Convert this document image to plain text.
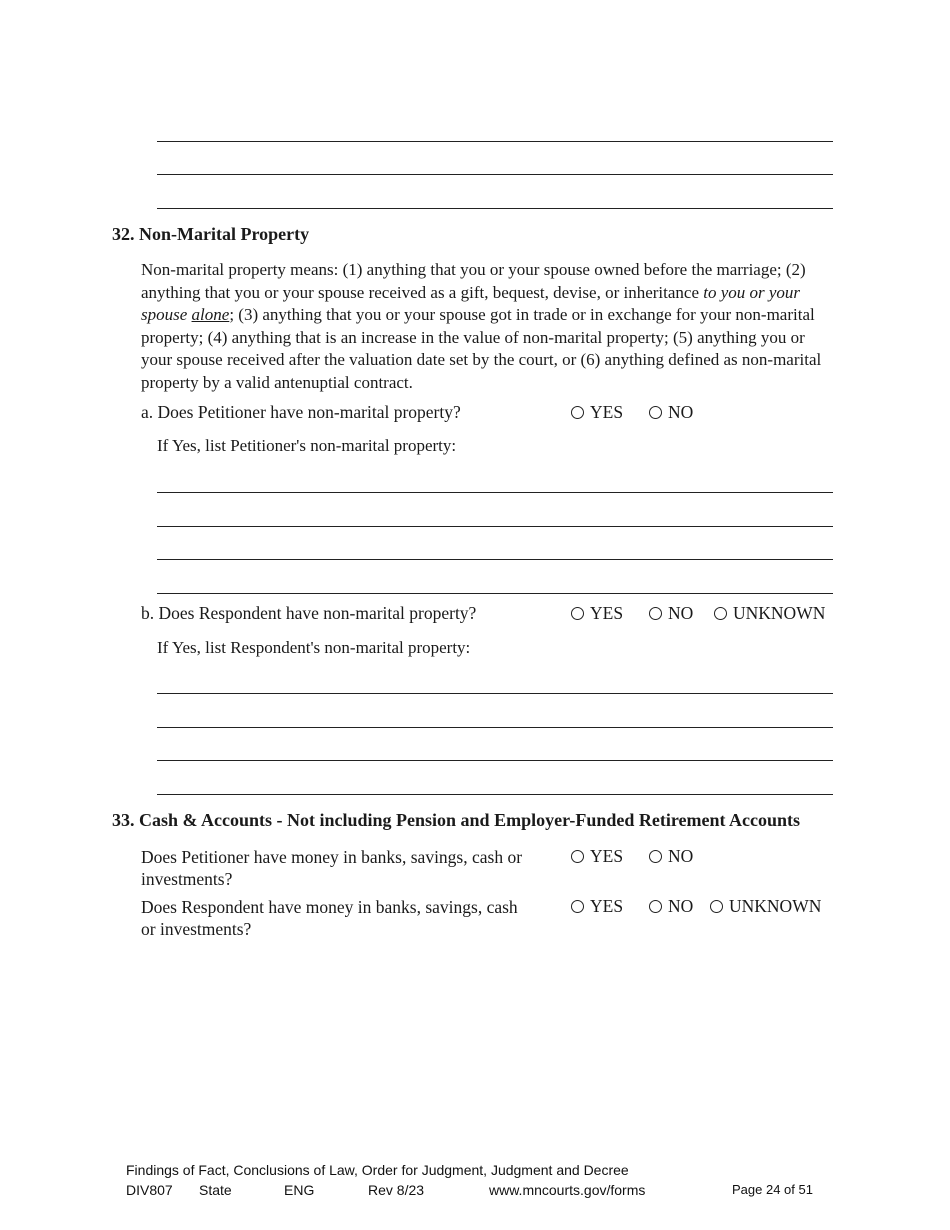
32. Non-Marital Property
Non-marital property means: (1) anything that you or your spouse owned before the marriage; (2) anything that you or your spouse received as a gift, bequest, devise, or inheritance to you or your spouse alone; (3) anything that you or your spouse got in trade or in exchange for your non-marital property; (4) anything that is an increase in the value of non-marital property; (5) anything you or your spouse received after the valuation date set by the court, or (6) anything defined as non-marital property by a valid antenuptial contract.
a. Does Petitioner have non-marital property?	YES	NO
If Yes, list Petitioner's non-marital property:
b. Does Respondent have non-marital property?	YES	NO UNKNOWN
If Yes, list Respondent's non-marital property:
33. Cash & Accounts - Not including Pension and Employer-Funded Retirement Accounts
Does Petitioner have money in banks, savings, cash or
investments?
YES	NO
Does Respondent have money in banks, savings, cash
or investments?
YES	NO UNKNOWN
Findings of Fact, Conclusions of Law, Order for Judgment, Judgment and Decree
DIV807 State	ENG	Rev 8/23	www.mncourts.gov/forms	Page 24 of 51
